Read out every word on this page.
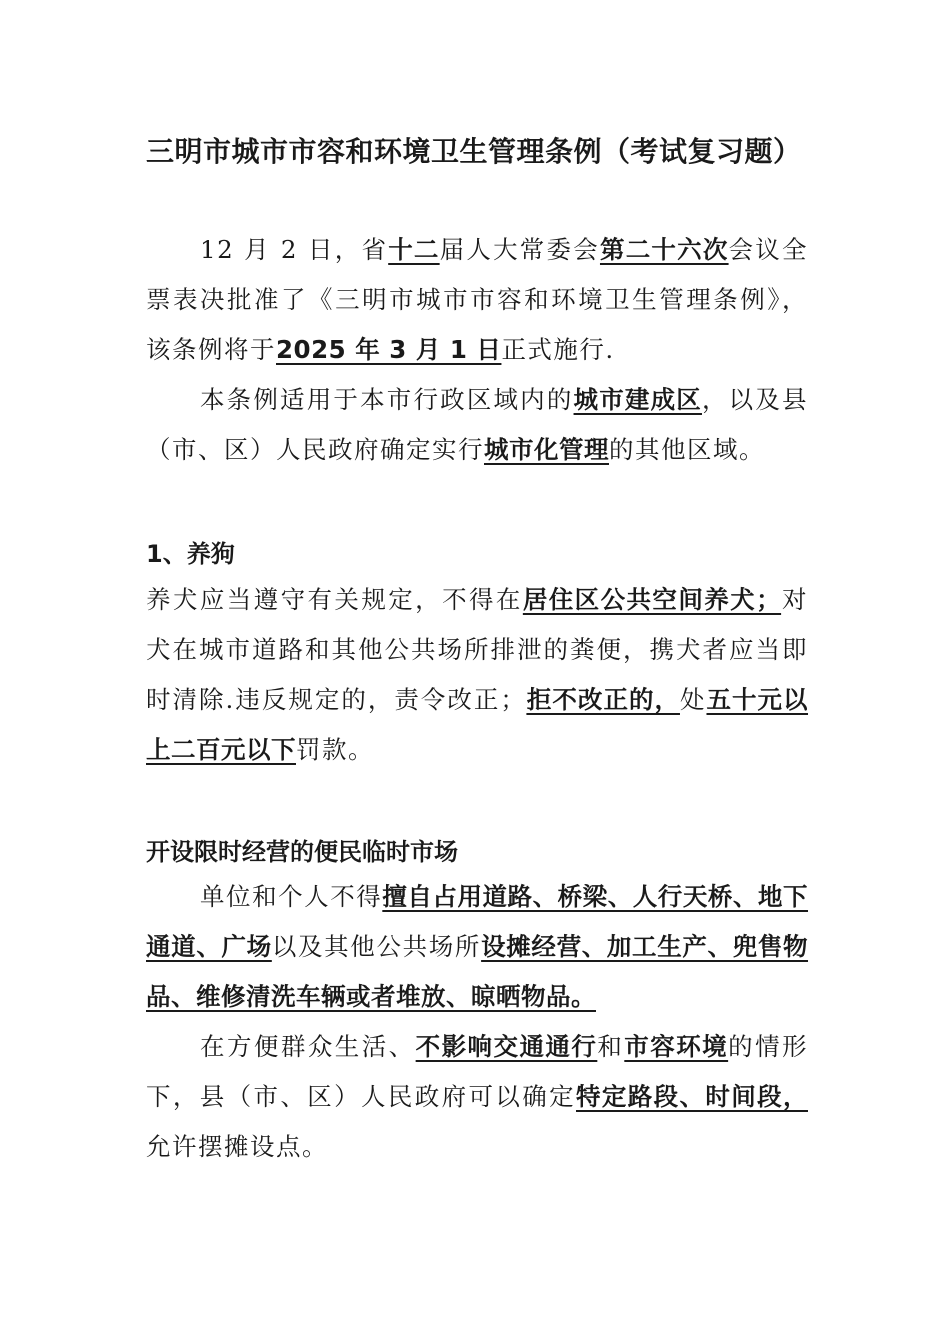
三明市城市市容和环境卫生管理条例（考试复习题）
12 月 2 日，省十二届人大常委会第二十六次会议全票表决批准了《三明市城市市容和环境卫生管理条例》，该条例将于2025 年 3 月 1 日正式施行.
本条例适用于本市行政区域内的城市建成区，以及县（市、区）人民政府确定实行城市化管理的其他区域。
1、养狗
养犬应当遵守有关规定，不得在居住区公共空间养犬；对犬在城市道路和其他公共场所排泄的粪便，携犬者应当即时清除.违反规定的，责令改正；拒不改正的，处五十元以上二百元以下罚款。
开设限时经营的便民临时市场
单位和个人不得擅自占用道路、桥梁、人行天桥、地下通道、广场以及其他公共场所设摊经营、加工生产、兜售物品、维修清洗车辆或者堆放、晾晒物品。
在方便群众生活、不影响交通通行和市容环境的情形下，县（市、区）人民政府可以确定特定路段、时间段，允许摆摊设点。
